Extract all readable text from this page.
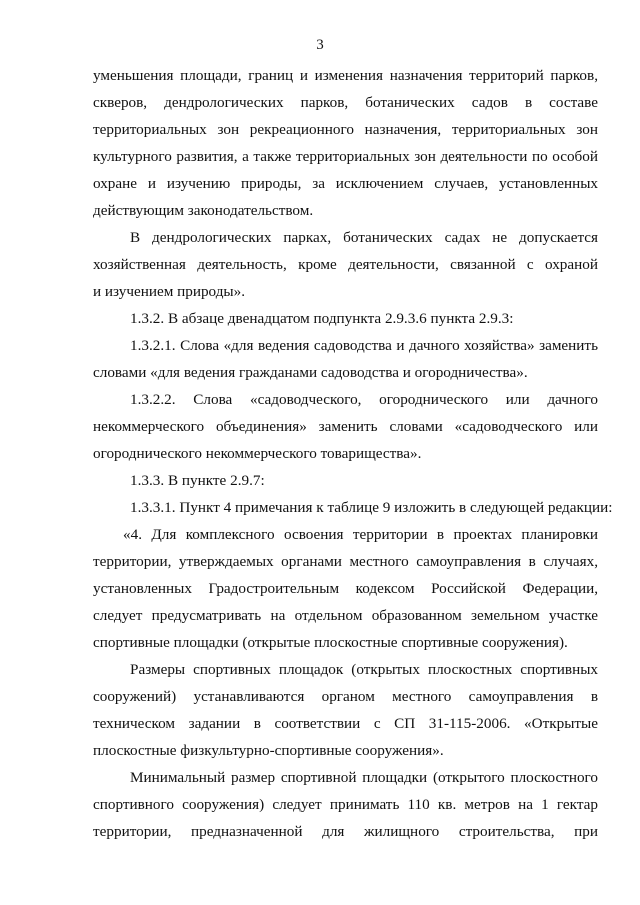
3
уменьшения площади, границ и изменения назначения территорий парков,
скверов, дендрологических парков, ботанических садов в составе
территориальных зон рекреационного назначения, территориальных зон
культурного развития, а также территориальных зон деятельности по особой
охране и изучению природы, за исключением случаев, установленных
действующим законодательством.
В дендрологических парках, ботанических садах не допускается
хозяйственная деятельность, кроме деятельности, связанной с охраной
и изучением природы».
1.3.2. В абзаце двенадцатом подпункта 2.9.3.6 пункта 2.9.3:
1.3.2.1. Слова «для ведения садоводства и дачного хозяйства» заменить
словами «для ведения гражданами садоводства и огородничества».
1.3.2.2. Слова «садоводческого, огороднического или дачного
некоммерческого объединения» заменить словами «садоводческого или
огороднического некоммерческого товарищества».
1.3.3. В пункте 2.9.7:
1.3.3.1. Пункт 4 примечания к таблице 9 изложить в следующей редакции:
«4. Для комплексного освоения территории в проектах планировки
территории, утверждаемых органами местного самоуправления в случаях,
установленных Градостроительным кодексом Российской Федерации,
следует предусматривать на отдельном образованном земельном участке
спортивные площадки (открытые плоскостные спортивные сооружения).
Размеры спортивных площадок (открытых плоскостных спортивных
сооружений) устанавливаются органом местного самоуправления в
техническом задании в соответствии с СП 31-115-2006. «Открытые
плоскостные физкультурно-спортивные сооружения».
Минимальный размер спортивной площадки (открытого плоскостного
спортивного сооружения) следует принимать 110 кв. метров на 1 гектар
территории, предназначенной для жилищного строительства, при
